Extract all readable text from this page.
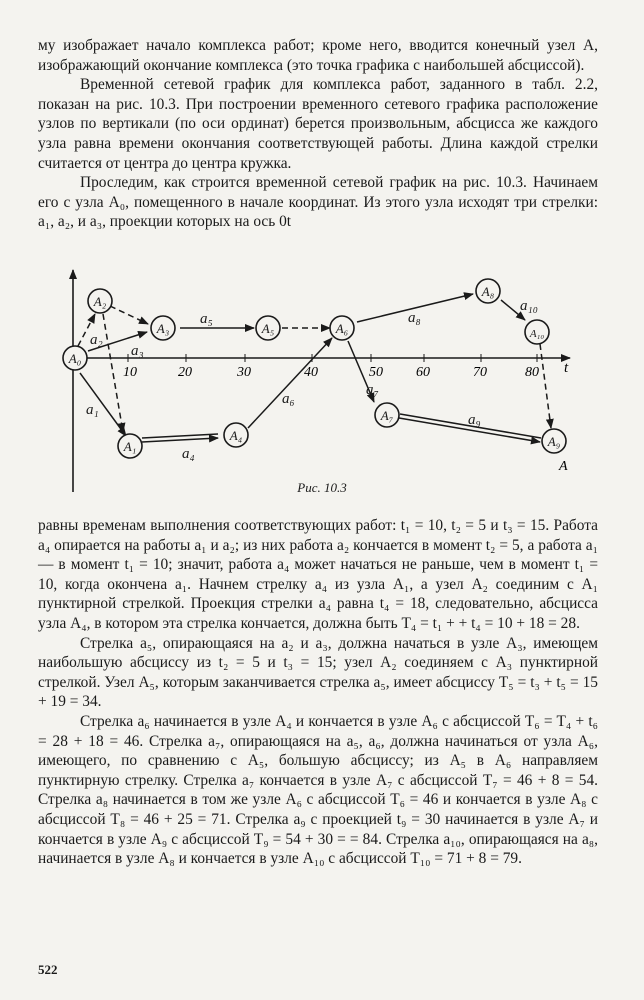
му изображает начало комплекса работ; кроме него, вводится конечный узел A, изображающий окончание комплекса (это точка графика с наибольшей абсциссой).

Временной сетевой график для комплекса работ, заданного в табл. 2.2, показан на рис. 10.3. При построении временного сетевого графика расположение узлов по вертикали (по оси ординат) берется произвольным, абсцисса же каждого узла равна времени окончания соответствующей работы. Длина каждой стрелки считается от центра до центра кружка.

Проследим, как строится временной сетевой график на рис. 10.3. Начинаем его с узла A₀, помещенного в начале координат. Из этого узла исходят три стрелки: a₁, a₂, и a₃, проекции которых на ось 0t

t
10	20	30	40	50 60	70	80
a₁
a₂
a₃
a₄
a₅
a₆
a₇
a₈
a₉
a₁₀
A₀
A₂
A₃	A₅	A₆
A₈
A₁₀
A₁
A₄
A₇
A₉
A
Рис. 10.3

равны временам выполнения соответствующих работ: t₁ = 10, t₂ = 5 и t₃ = 15. Работа a₄ опирается на работы a₁ и a₂; из них работа a₂ кончается в момент t₂ = 5, а работа a₁ — в момент t₁ = 10; значит, работа a₄ может начаться не раньше, чем в момент t₁ = 10, когда окончена a₁. Начнем стрелку a₄ из узла A₁, а узел A₂ соединим с A₁ пунктирной стрелкой. Проекция стрелки a₄ равна t₄ = 18, следовательно, абсцисса узла A₄, в котором эта стрелка кончается, должна быть T₄ = t₁ + + t₄ = 10 + 18 = 28.

Стрелка a₅, опирающаяся на a₂ и a₃, должна начаться в узле A₃, имеющем наибольшую абсциссу из t₂ = 5 и t₃ = 15; узел A₂ соединяем с A₃ пунктирной стрелкой. Узел A₅, которым заканчивается стрелка a₅, имеет абсциссу T₅ = t₃ + t₅ = 15 + 19 = 34.

Стрелка a₆ начинается в узле A₄ и кончается в узле A₆ с абсциссой T₆ = T₄ + t₆ = 28 + 18 = 46. Стрелка a₇, опирающаяся на a₅, a₆, должна начинаться от узла A₆, имеющего, по сравнению с A₅, большую абсциссу; из A₅ в A₆ направляем пунктирную стрелку. Стрелка a₇ кончается в узле A₇ с абсциссой T₇ = 46 + 8 = 54. Стрелка a₈ начинается в том же узле A₆ с абсциссой T₆ = 46 и кончается в узле A₈ с абсциссой T₈ = 46 + 25 = 71. Стрелка a₉ с проекцией t₉ = 30 начинается в узле A₇ и кончается в узле A₉ с абсциссой T₉ = 54 + 30 = = 84. Стрелка a₁₀, опирающаяся на a₈, начинается в узле A₈ и кончается в узле A₁₀ с абсциссой T₁₀ = 71 + 8 = 79.

522
